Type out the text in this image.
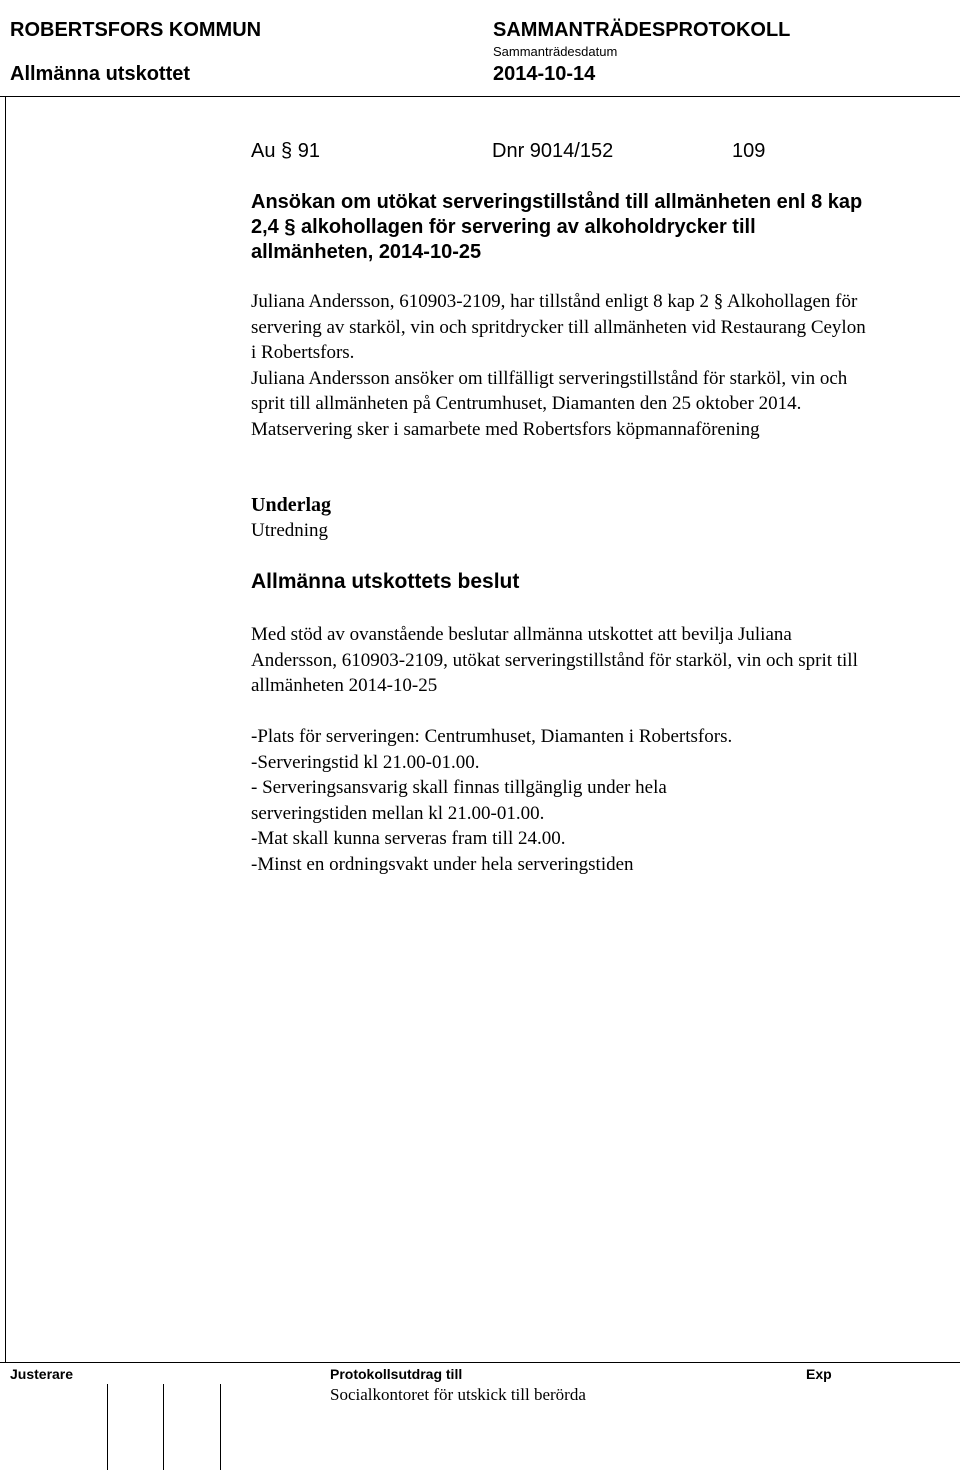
ROBERTSFORS KOMMUN
Allmänna utskottet
SAMMANTRÄDESPROTOKOLL
Sammanträdesdatum
2014-10-14
Au § 91	Dnr 9014/152	109
Ansökan om utökat serveringstillstånd till allmänheten enl 8 kap 2,4 § alkohollagen för servering av alkoholdrycker till allmänheten, 2014-10-25
Juliana Andersson, 610903-2109, har tillstånd enligt 8 kap 2 § Alkohollagen för servering av starköl, vin och spritdrycker till allmänheten vid Restaurang Ceylon i Robertsfors.
Juliana Andersson ansöker om tillfälligt serveringstillstånd för starköl, vin och sprit till allmänheten på Centrumhuset, Diamanten den 25 oktober 2014.
Matservering sker i samarbete med Robertsfors köpmannaförening
Underlag
Utredning
Allmänna utskottets beslut
Med stöd av ovanstående beslutar allmänna utskottet att bevilja Juliana Andersson, 610903-2109, utökat serveringstillstånd för starköl, vin och sprit till allmänheten 2014-10-25
-Plats för serveringen: Centrumhuset, Diamanten i Robertsfors.
-Serveringstid kl 21.00-01.00.
- Serveringsansvarig skall finnas tillgänglig under hela
serveringstiden mellan kl 21.00-01.00.
-Mat skall kunna serveras fram till 24.00.
-Minst en ordningsvakt under hela serveringstiden
Justerare	Protokollsutdrag till	Exp
Socialkontoret för utskick till berörda
